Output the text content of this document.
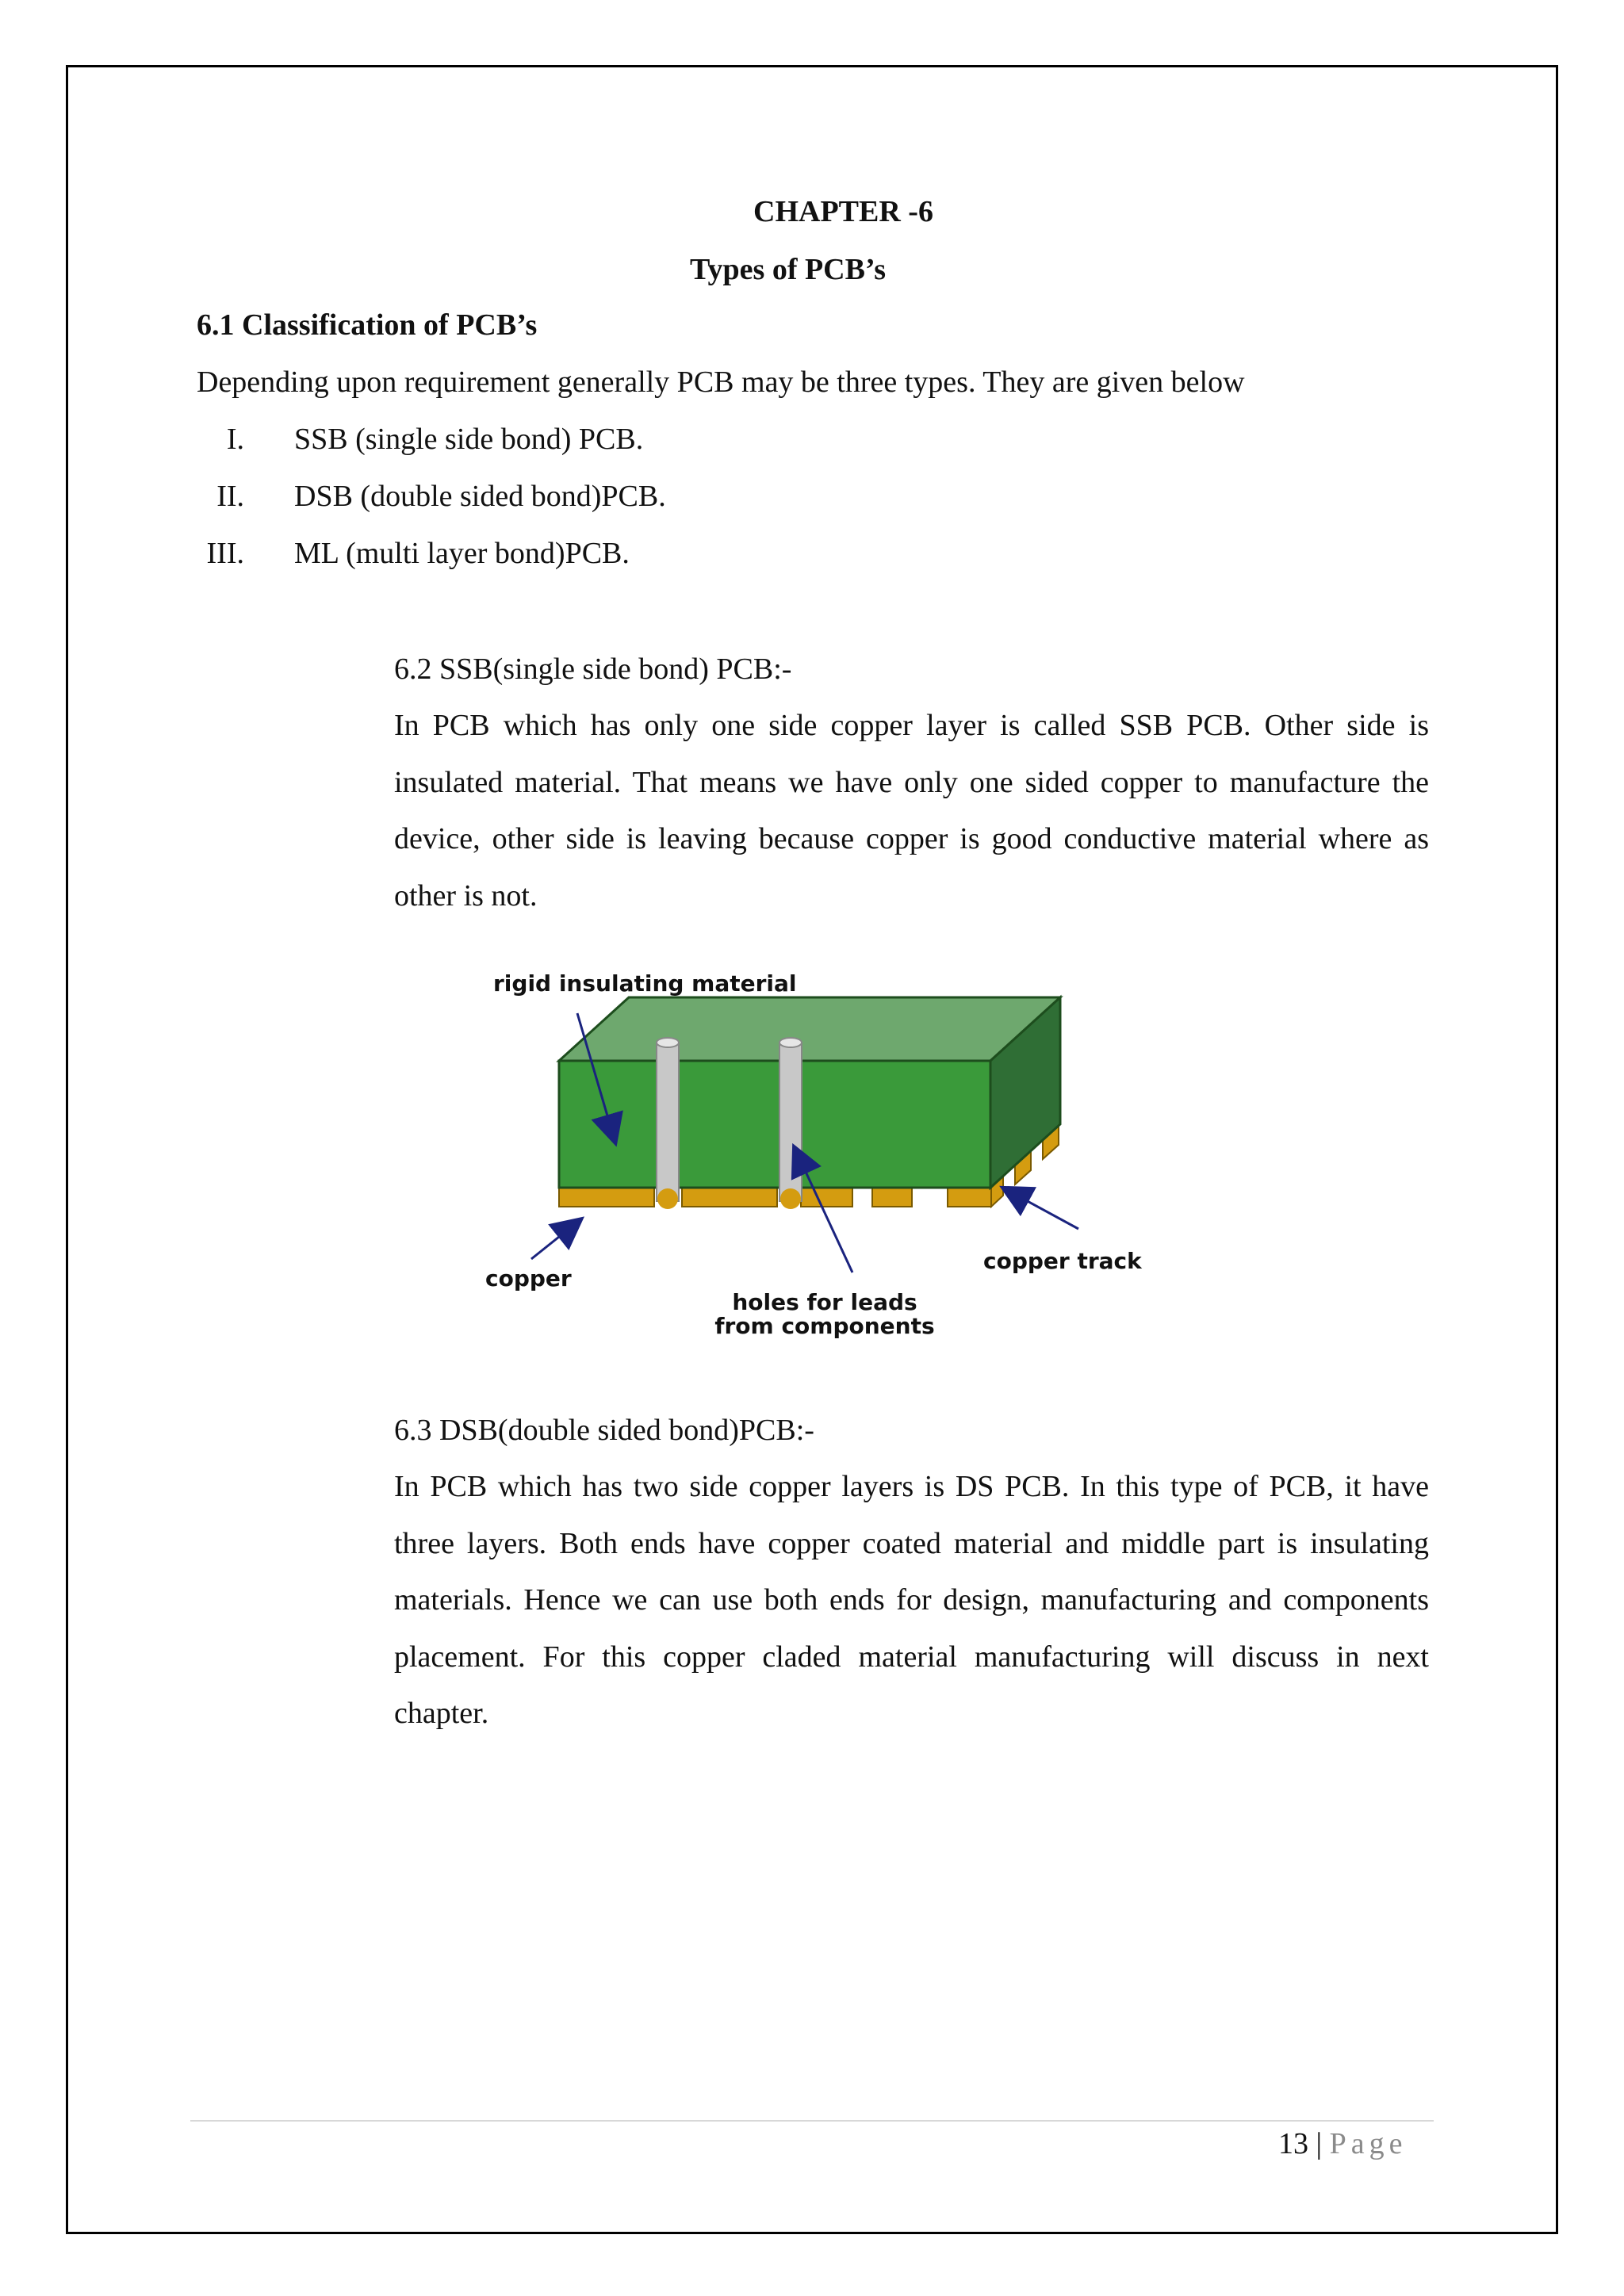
CHAPTER -6
Types of PCB’s
6.1 Classification of PCB’s
Depending upon requirement generally PCB may be three types. They are given below
I. SSB (single side bond) PCB.
II. DSB (double sided bond)PCB.
III. ML (multi layer bond)PCB.
6.2 SSB(single side bond) PCB:-

In PCB which has only one side copper layer is called SSB PCB. Other side is insulated material. That means we have only one sided copper to manufacture the device, other side is leaving because copper is good conductive material where as other is not.

rigid insulating material
copper
copper track
holes for leads
from components
6.3 DSB(double sided bond)PCB:-

In PCB which has two side copper layers is DS PCB. In this type of PCB, it have three layers. Both ends have copper coated material and middle part is insulating materials. Hence we can use both ends for design, manufacturing and components placement. For this copper claded material manufacturing will discuss in next chapter.

13 | Page
